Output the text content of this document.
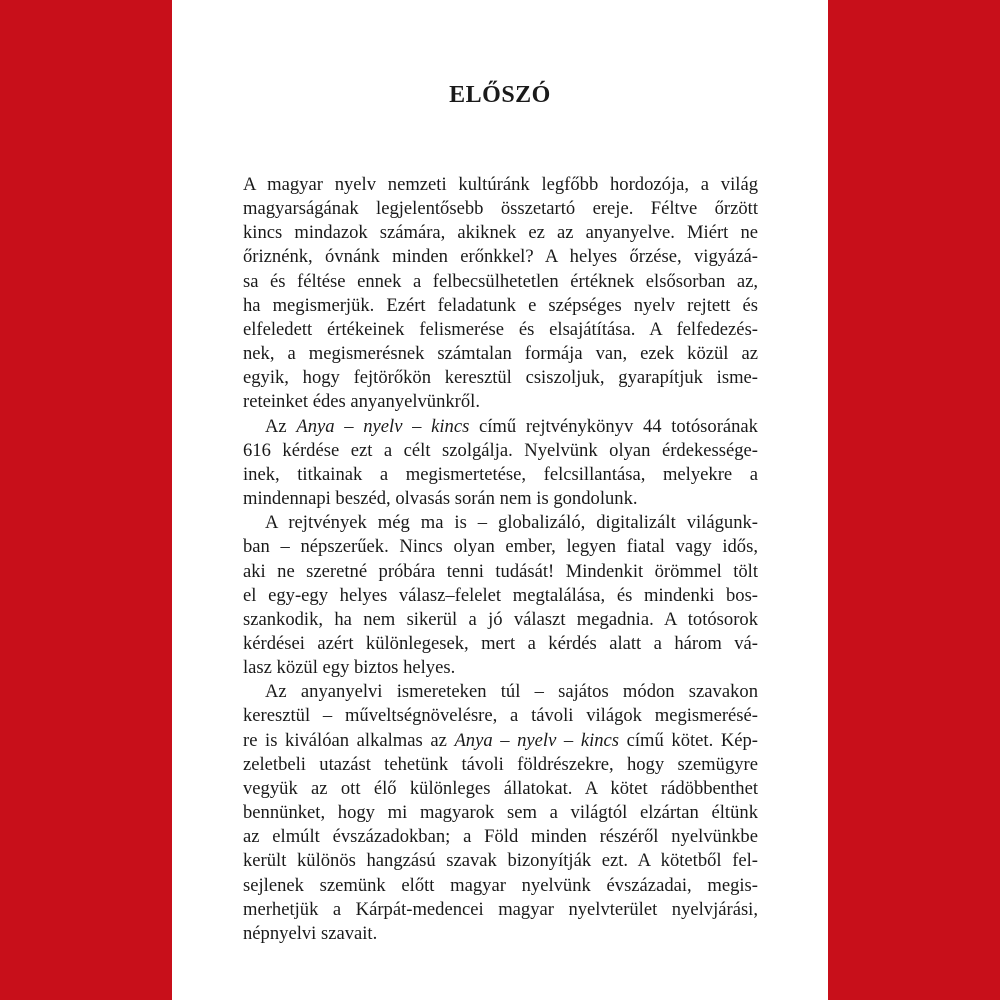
ELŐSZÓ
A magyar nyelv nemzeti kultúránk legfőbb hordozója, a világ
magyarságának legjelentősebb összetartó ereje. Féltve őrzött
kincs mindazok számára, akiknek ez az anyanyelve. Miért ne
őriznénk, óvnánk minden erőnkkel? A helyes őrzése, vigyázá-
sa és féltése ennek a felbecsülhetetlen értéknek elsősorban az,
ha megismerjük. Ezért feladatunk e szépséges nyelv rejtett és
elfeledett értékeinek felismerése és elsajátítása. A felfedezés-
nek, a megismerésnek számtalan formája van, ezek közül az
egyik, hogy fejtörőkön keresztül csiszoljuk, gyarapítjuk isme-
reteinket édes anyanyelvünkről.
Az Anya – nyelv – kincs című rejtvénykönyv 44 totósorának
616 kérdése ezt a célt szolgálja. Nyelvünk olyan érdekessége-
inek, titkainak a megismertetése, felcsillantása, melyekre a
mindennapi beszéd, olvasás során nem is gondolunk.
A rejtvények még ma is – globalizáló, digitalizált világunk-
ban – népszerűek. Nincs olyan ember, legyen fiatal vagy idős,
aki ne szeretné próbára tenni tudását! Mindenkit örömmel tölt
el egy-egy helyes válasz–felelet megtalálása, és mindenki bos-
szankodik, ha nem sikerül a jó választ megadnia. A totósorok
kérdései azért különlegesek, mert a kérdés alatt a három vá-
lasz közül egy biztos helyes.
Az anyanyelvi ismereteken túl – sajátos módon szavakon
keresztül – műveltségnövelésre, a távoli világok megismerésé-
re is kiválóan alkalmas az Anya – nyelv – kincs című kötet. Kép-
zeletbeli utazást tehetünk távoli földrészekre, hogy szemügyre
vegyük az ott élő különleges állatokat. A kötet rádöbbenthet
bennünket, hogy mi magyarok sem a világtól elzártan éltünk
az elmúlt évszázadokban; a Föld minden részéről nyelvünkbe
került különös hangzású szavak bizonyítják ezt. A kötetből fel-
sejlenek szemünk előtt magyar nyelvünk évszázadai, megis-
merhetjük a Kárpát-medencei magyar nyelvterület nyelvjárási,
népnyelvi szavait.
